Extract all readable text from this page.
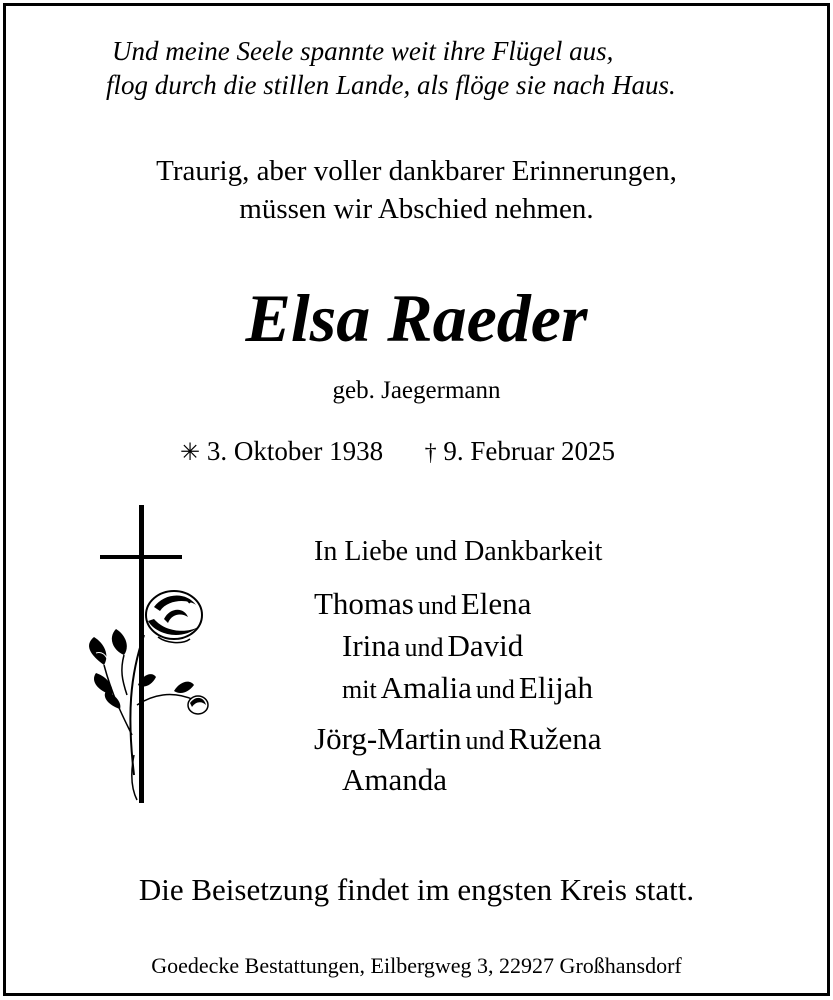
Und meine Seele spannte weit ihre Flügel aus,
flog durch die stillen Lande, als flöge sie nach Haus.
Traurig, aber voller dankbarer Erinnerungen,
müssen wir Abschied nehmen.
Elsa Raeder
geb. Jaegermann
✳ 3. Oktober 1938 † 9. Februar 2025
In Liebe und Dankbarkeit
Thomas und Elena
Irina und David
mit Amalia und Elijah
Jörg-Martin und Ružena
Amanda
Die Beisetzung findet im engsten Kreis statt.
Goedecke Bestattungen, Eilbergweg 3, 22927 Großhansdorf
